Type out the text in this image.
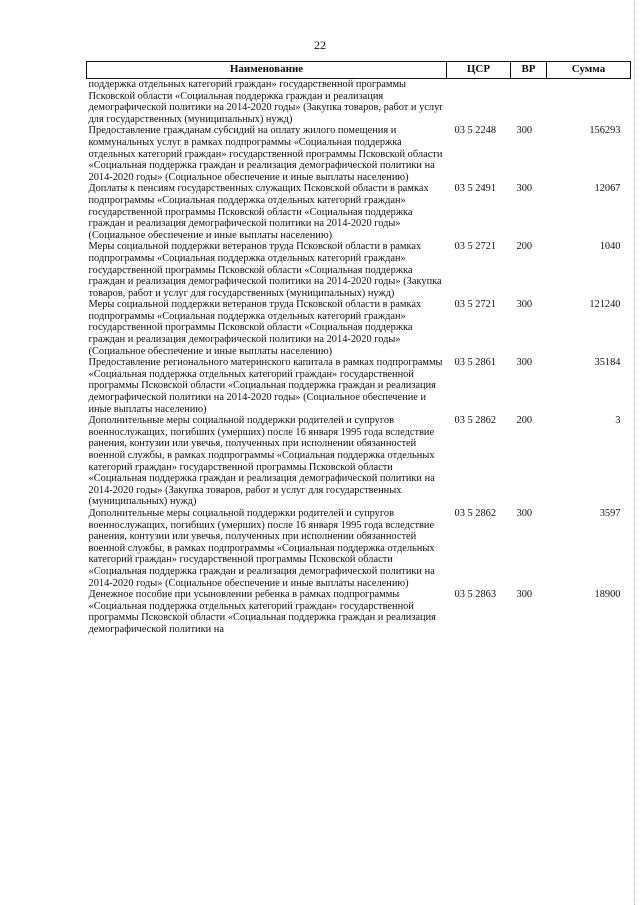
22
Наименование	ЦСР	ВР	Сумма
поддержка отдельных категорий граждан» государственной программы Псковской области «Социальная поддержка граждан и реализация демографической политики на 2014-2020 годы» (Закупка товаров, работ и услуг для государственных (муниципальных) нужд)			
Предоставление гражданам субсидий на оплату жилого помещения и коммунальных услуг в рамках подпрограммы «Социальная поддержка отдельных категорий граждан» государственной программы Псковской области «Социальная поддержка граждан и реализация демографической политики на 2014-2020 годы» (Социальное обеспечение и иные выплаты населению)	03 5 2248	300	156293
Доплаты к пенсиям государственных служащих Псковской области в рамках подпрограммы «Социальная поддержка отдельных категорий граждан» государственной программы Псковской области «Социальная поддержка граждан и реализация демографической политики на 2014-2020 годы» (Социальное обеспечение и иные выплаты населению)	03 5 2491	300	12067
Меры социальной поддержки ветеранов труда Псковской области в рамках подпрограммы «Социальная поддержка отдельных категорий граждан» государственной программы Псковской области «Социальная поддержка граждан и реализация демографической политики на 2014-2020 годы» (Закупка товаров, работ и услуг для государственных (муниципальных) нужд)	03 5 2721	200	1040
Меры социальной поддержки ветеранов труда Псковской области в рамках подпрограммы «Социальная поддержка отдельных категорий граждан» государственной программы Псковской области «Социальная поддержка граждан и реализация демографической политики на 2014-2020 годы» (Социальное обеспечение и иные выплаты населению)	03 5 2721	300	121240
Предоставление регионального материнского капитала в рамках подпрограммы «Социальная поддержка отдельных категорий граждан» государственной программы Псковской области «Социальная поддержка граждан и реализация демографической политики на 2014-2020 годы» (Социальное обеспечение и иные выплаты населению)	03 5 2861	300	35184
Дополнительные меры социальной поддержки родителей и супругов военнослужащих, погибших (умерших) после 16 января 1995 года вследствие ранения, контузии или увечья, полученных при исполнении обязанностей военной службы, в рамках подпрограммы «Социальная поддержка отдельных категорий граждан» государственной программы Псковской области «Социальная поддержка граждан и реализация демографической политики на 2014-2020 годы» (Закупка товаров, работ и услуг для государственных (муниципальных) нужд)	03 5 2862	200	3
Дополнительные меры социальной поддержки родителей и супругов военнослужащих, погибших (умерших) после 16 января 1995 года вследствие ранения, контузии или увечья, полученных при исполнении обязанностей военной службы, в рамках подпрограммы «Социальная поддержка отдельных категорий граждан» государственной программы Псковской области «Социальная поддержка граждан и реализация демографической политики на 2014-2020 годы» (Социальное обеспечение и иные выплаты населению)	03 5 2862	300	3597
Денежное пособие при усыновлении ребенка в рамках подпрограммы «Социальная поддержка отдельных категорий граждан» государственной программы Псковской области «Социальная поддержка граждан и реализация демографической политики на	03 5 2863	300	18900
